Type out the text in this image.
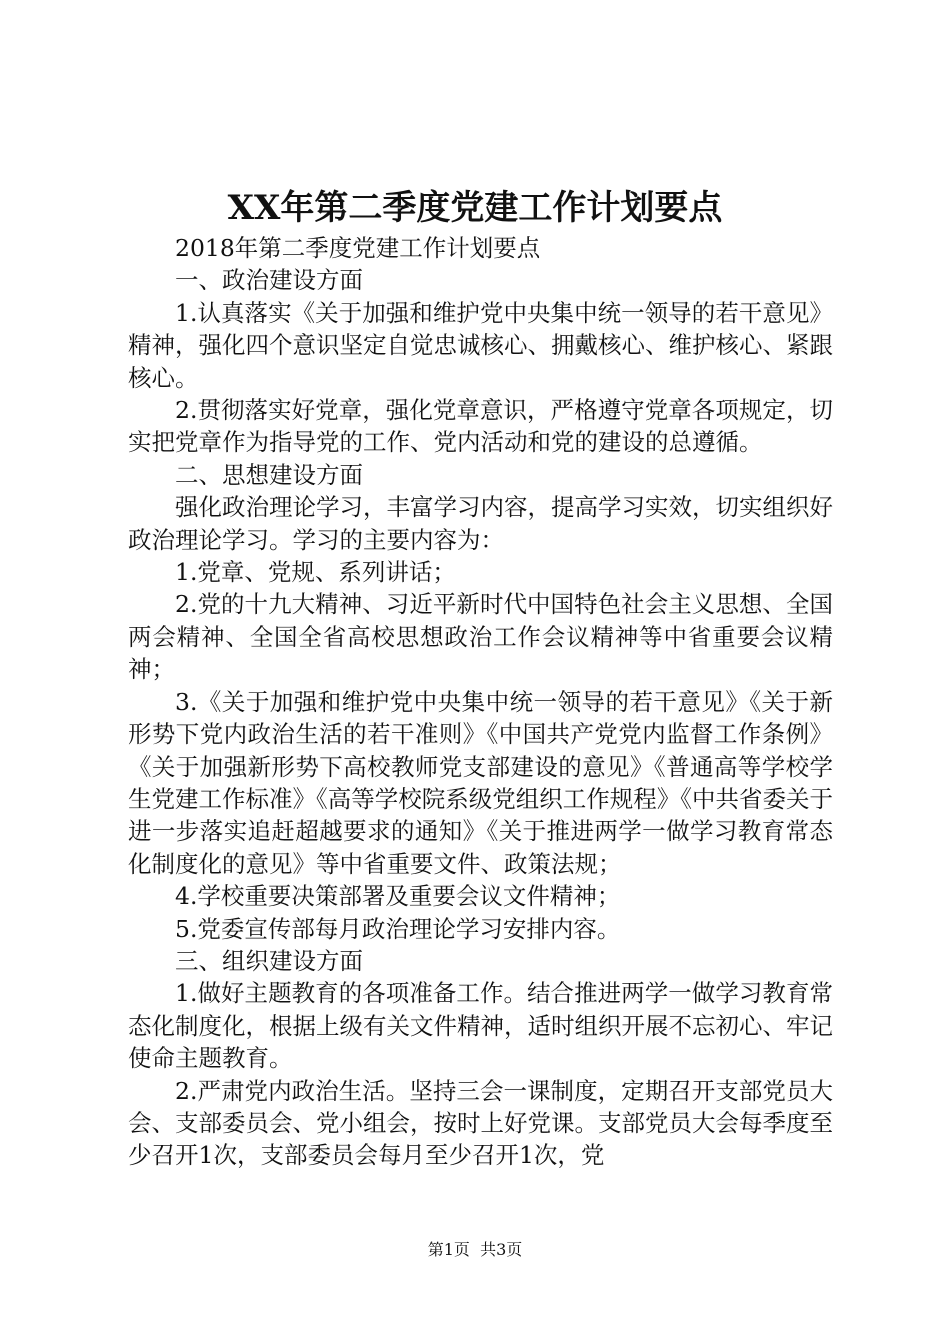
XX年第二季度党建工作计划要点

2018年第二季度党建工作计划要点

一、政治建设方面

1.认真落实《关于加强和维护党中央集中统一领导的若干意见》精神，强化四个意识坚定自觉忠诚核心、拥戴核心、维护核心、紧跟核心。

2.贯彻落实好党章，强化党章意识，严格遵守党章各项规定，切实把党章作为指导党的工作、党内活动和党的建设的总遵循。

二、思想建设方面

强化政治理论学习，丰富学习内容，提高学习实效，切实组织好政治理论学习。学习的主要内容为：

1.党章、党规、系列讲话；

2.党的十九大精神、习近平新时代中国特色社会主义思想、全国两会精神、全国全省高校思想政治工作会议精神等中省重要会议精神；

3.《关于加强和维护党中央集中统一领导的若干意见》《关于新形势下党内政治生活的若干准则》《中国共产党党内监督工作条例》《关于加强新形势下高校教师党支部建设的意见》《普通高等学校学生党建工作标准》《高等学校院系级党组织工作规程》《中共省委关于进一步落实追赶超越要求的通知》《关于推进两学一做学习教育常态化制度化的意见》等中省重要文件、政策法规；

4.学校重要决策部署及重要会议文件精神；

5.党委宣传部每月政治理论学习安排内容。

三、组织建设方面

1.做好主题教育的各项准备工作。结合推进两学一做学习教育常态化制度化，根据上级有关文件精神，适时组织开展不忘初心、牢记使命主题教育。

2.严肃党内政治生活。坚持三会一课制度，定期召开支部党员大会、支部委员会、党小组会，按时上好党课。支部党员大会每季度至少召开1次，支部委员会每月至少召开1次，党

第1页  共3页
